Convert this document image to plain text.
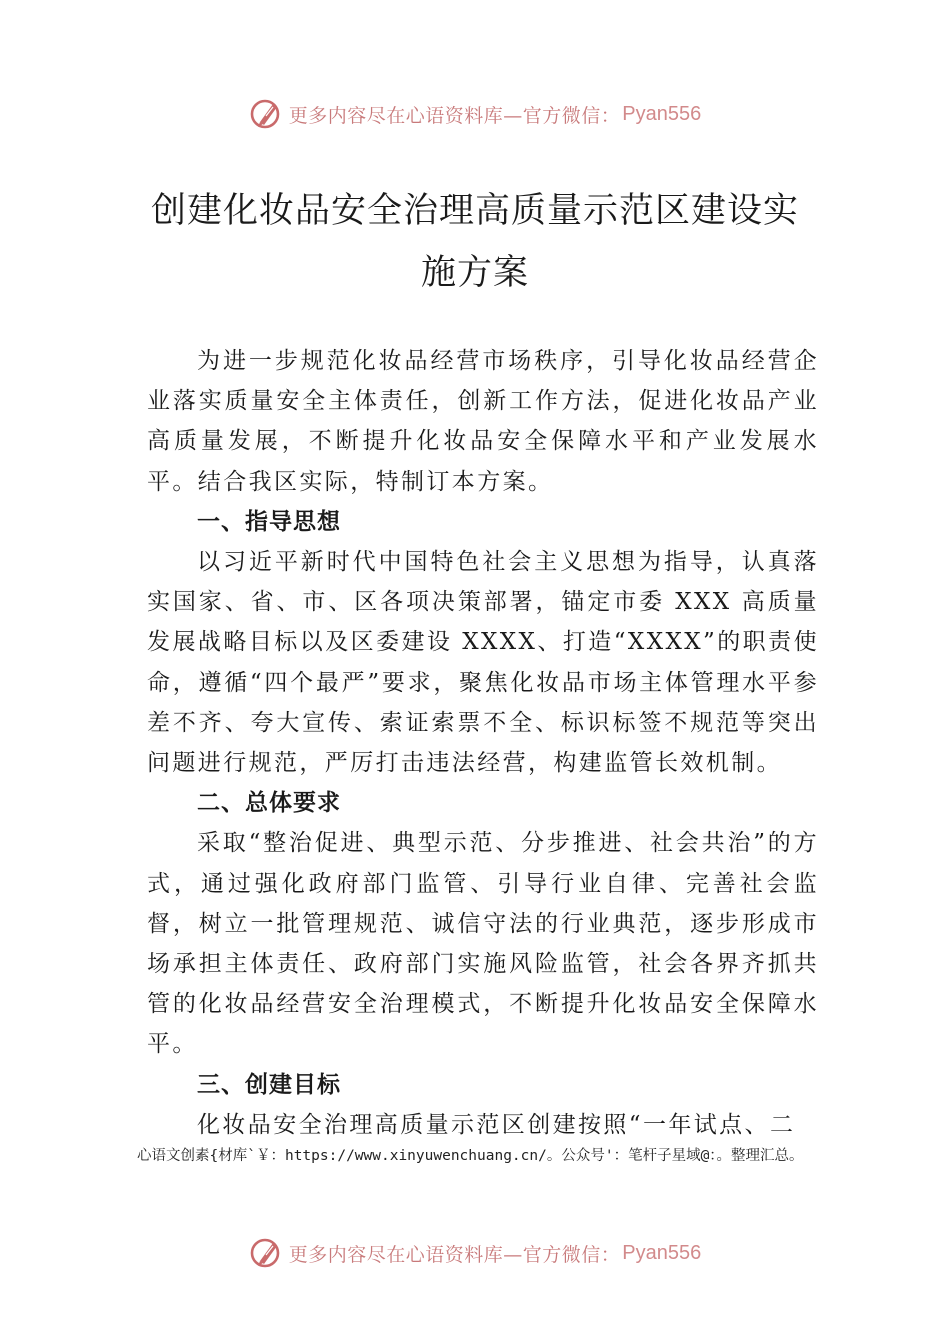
更多内容尽在心语资料库—官方微信： Pyan556
创建化妆品安全治理高质量示范区建设实
施方案

为进一步规范化妆品经营市场秩序，引导化妆品经营企业落实质量安全主体责任，创新工作方法，促进化妆品产业高质量发展，不断提升化妆品安全保障水平和产业发展水平。结合我区实际，特制订本方案。

一、指导思想

以习近平新时代中国特色社会主义思想为指导，认真落实国家、省、市、区各项决策部署，锚定市委 XXX 高质量发展战略目标以及区委建设 XXXX、打造“XXXX”的职责使命，遵循“四个最严”要求，聚焦化妆品市场主体管理水平参差不齐、夸大宣传、索证索票不全、标识标签不规范等突出问题进行规范，严厉打击违法经营，构建监管长效机制。

二、总体要求

采取“整治促进、典型示范、分步推进、社会共治”的方式，通过强化政府部门监管、引导行业自律、完善社会监督，树立一批管理规范、诚信守法的行业典范，逐步形成市场承担主体责任、政府部门实施风险监管，社会各界齐抓共管的化妆品经营安全治理模式，不断提升化妆品安全保障水平。

三、创建目标

化妆品安全治理高质量示范区创建按照“一年试点、二

心语文创素{材库`￥：https://www.xinyuwenchuang.cn/。公众号'：笔杆子星域@：。整理汇总。
更多内容尽在心语资料库—官方微信： Pyan556
